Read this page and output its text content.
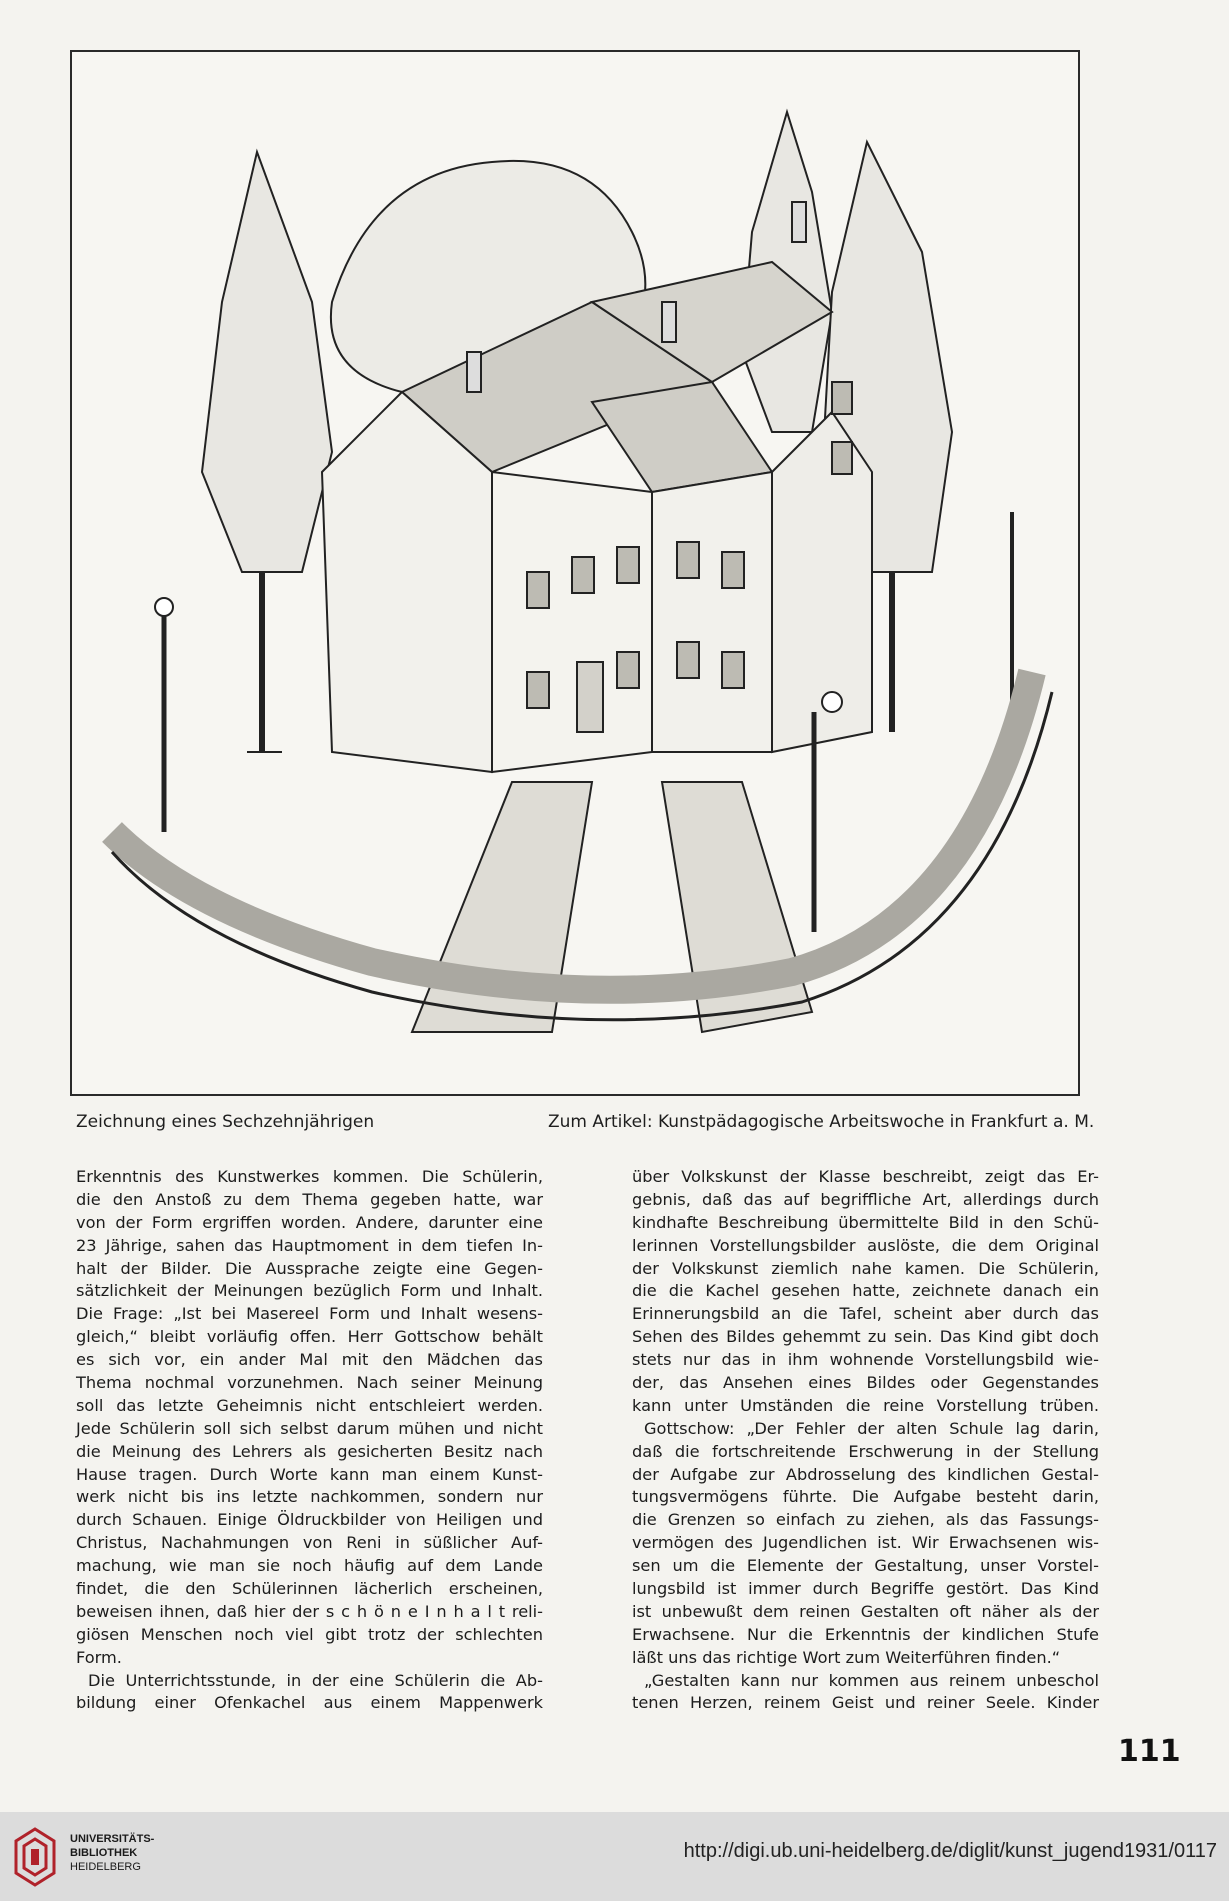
Zeichnung eines Sechzehnjährigen	Zum Artikel: Kunstpädagogische Arbeitswoche in Frankfurt a. M.
Erkenntnis des Kunstwerkes kommen. Die Schülerin,
die den Anstoß zu dem Thema gegeben hatte, war
von der Form ergriffen worden. Andere, darunter eine
23 Jährige, sahen das Hauptmoment in dem tiefen In-
halt der Bilder. Die Aussprache zeigte eine Gegen-
sätzlichkeit der Meinungen bezüglich Form und Inhalt.
Die Frage: „Ist bei Masereel Form und Inhalt wesens-
gleich,“ bleibt vorläufig offen. Herr Gottschow behält
es sich vor, ein ander Mal mit den Mädchen das
Thema nochmal vorzunehmen. Nach seiner Meinung
soll das letzte Geheimnis nicht entschleiert werden.
Jede Schülerin soll sich selbst darum mühen und nicht
die Meinung des Lehrers als gesicherten Besitz nach
Hause tragen. Durch Worte kann man einem Kunst-
werk nicht bis ins letzte nachkommen, sondern nur
durch Schauen. Einige Öldruckbilder von Heiligen und
Christus, Nachahmungen von Reni in süßlicher Auf-
machung, wie man sie noch häufig auf dem Lande
findet, die den Schülerinnen lächerlich erscheinen,
beweisen ihnen, daß hier der s c h ö n e I n h a l t reli-
giösen Menschen noch viel gibt trotz der schlechten
Form.
Die Unterrichtsstunde, in der eine Schülerin die Ab-
bildung einer Ofenkachel aus einem Mappenwerk
über Volkskunst der Klasse beschreibt, zeigt das Er-
gebnis, daß das auf begriffliche Art, allerdings durch
kindhafte Beschreibung übermittelte Bild in den Schü-
lerinnen Vorstellungsbilder auslöste, die dem Original
der Volkskunst ziemlich nahe kamen. Die Schülerin,
die die Kachel gesehen hatte, zeichnete danach ein
Erinnerungsbild an die Tafel, scheint aber durch das
Sehen des Bildes gehemmt zu sein. Das Kind gibt doch
stets nur das in ihm wohnende Vorstellungsbild wie-
der, das Ansehen eines Bildes oder Gegenstandes
kann unter Umständen die reine Vorstellung trüben.
Gottschow: „Der Fehler der alten Schule lag darin,
daß die fortschreitende Erschwerung in der Stellung
der Aufgabe zur Abdrosselung des kindlichen Gestal-
tungsvermögens führte. Die Aufgabe besteht darin,
die Grenzen so einfach zu ziehen, als das Fassungs-
vermögen des Jugendlichen ist. Wir Erwachsenen wis-
sen um die Elemente der Gestaltung, unser Vorstel-
lungsbild ist immer durch Begriffe gestört. Das Kind
ist unbewußt dem reinen Gestalten oft näher als der
Erwachsene. Nur die Erkenntnis der kindlichen Stufe
läßt uns das richtige Wort zum Weiterführen finden.“
„Gestalten kann nur kommen aus reinem unbeschol
tenen Herzen, reinem Geist und reiner Seele. Kinder
111
UNIVERSITÄTS-
BIBLIOTHEK
HEIDELBERG
http://digi.ub.uni-heidelberg.de/diglit/kunst_jugend1931/0117
